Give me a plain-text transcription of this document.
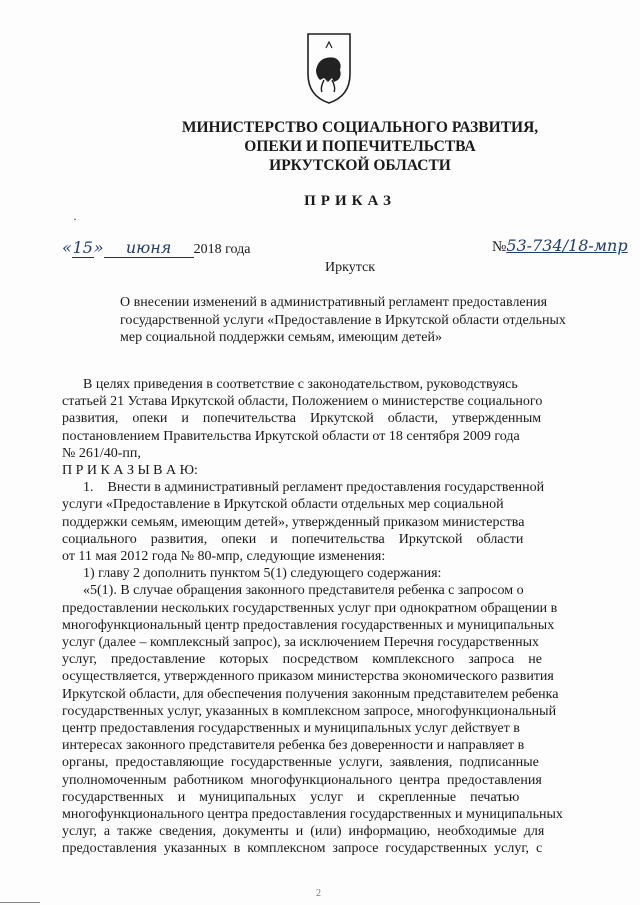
МИНИСТЕРСТВО СОЦИАЛЬНОГО РАЗВИТИЯ,
ОПЕКИ И ПОПЕЧИТЕЛЬСТВА
ИРКУТСКОЙ ОБЛАСТИ
ПРИКАЗ
·
«15» июня 2018 года	№53-734/18-мпр
Иркутск
О внесении изменений в административный регламент предоставления
государственной услуги «Предоставление в Иркутской области отдельных
мер социальной поддержки семьям, имеющим детей»
В целях приведения в соответствие с законодательством, руководствуясь
статьей 21 Устава Иркутской области, Положением о министерстве социального
развития,    опеки    и    попечительства    Иркутской    области,    утвержденным
постановлением Правительства Иркутской области от 18 сентября 2009 года
№ 261/40-пп,
П Р И К А З Ы В А Ю:
1.    Внести в административный регламент предоставления государственной
услуги «Предоставление в Иркутской области отдельных мер социальной
поддержки семьям, имеющим детей», утвержденный приказом министерства
социального    развития,    опеки    и    попечительства    Иркутской    области
от 11 мая 2012 года № 80-мпр, следующие изменения:
1) главу 2 дополнить пунктом 5(1) следующего содержания:
«5(1). В случае обращения законного представителя ребенка с запросом о
предоставлении нескольких государственных услуг при однократном обращении в
многофункциональный центр предоставления государственных и муниципальных
услуг (далее – комплексный запрос), за исключением Перечня государственных
услуг,    предоставление    которых    посредством    комплексного    запроса    не
осуществляется, утвержденного приказом министерства экономического развития
Иркутской области, для обеспечения получения законным представителем ребенка
государственных услуг, указанных в комплексном запросе, многофункциональный
центр предоставления государственных и муниципальных услуг действует в
интересах законного представителя ребенка без доверенности и направляет в
органы,  предоставляющие  государственные  услуги,  заявления,  подписанные
уполномоченным  работником  многофункционального  центра  предоставления
государственных    и    муниципальных    услуг    и    скрепленные    печатью
многофункционального центра предоставления государственных и муниципальных
услуг,  а  также  сведения,  документы  и  (или)  информацию,  необходимые  для
предоставления  указанных  в  комплексном  запросе  государственных  услуг,  с
2
